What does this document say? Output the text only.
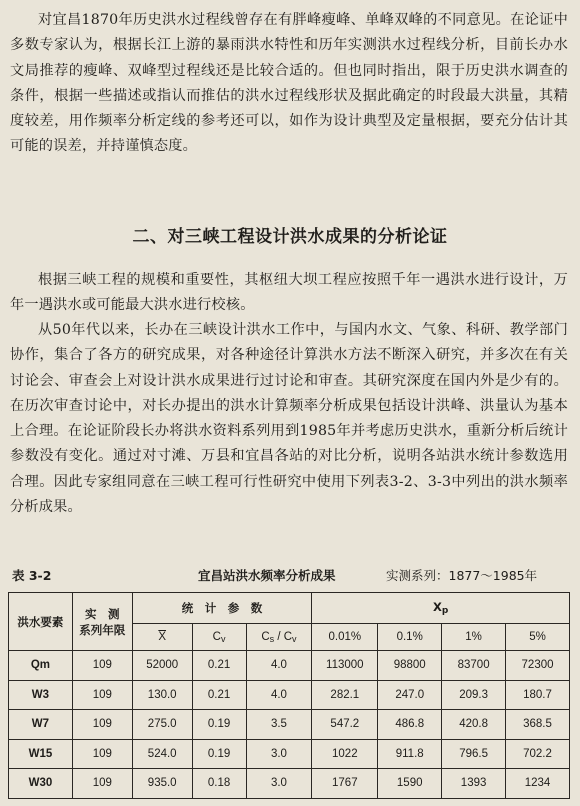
对宜昌1870年历史洪水过程线曾存在有胖峰瘦峰、单峰双峰的不同意见。在论证中多数专家认为，根据长江上游的暴雨洪水特性和历年实测洪水过程线分析，目前长办水文局推荐的瘦峰、双峰型过程线还是比较合适的。但也同时指出，限于历史洪水调查的条件，根据一些描述或指认而推估的洪水过程线形状及据此确定的时段最大洪量，其精度较差，用作频率分析定线的参考还可以，如作为设计典型及定量根据，要充分估计其可能的误差，并持谨慎态度。

二、对三峡工程设计洪水成果的分析论证

根据三峡工程的规模和重要性，其枢纽大坝工程应按照千年一遇洪水进行设计，万年一遇洪水或可能最大洪水进行校核。

从50年代以来，长办在三峡设计洪水工作中，与国内水文、气象、科研、教学部门协作，集合了各方的研究成果，对各种途径计算洪水方法不断深入研究，并多次在有关讨论会、审查会上对设计洪水成果进行过讨论和审查。其研究深度在国内外是少有的。在历次审查讨论中，对长办提出的洪水计算频率分析成果包括设计洪峰、洪量认为基本上合理。在论证阶段长办将洪水资料系列用到1985年并考虑历史洪水，重新分析后统计参数没有变化。通过对寸滩、万县和宜昌各站的对比分析，说明各站洪水统计参数选用合理。因此专家组同意在三峡工程可行性研究中使用下列表3-2、3-3中列出的洪水频率分析成果。

表 3-2	宜昌站洪水频率分析成果	实测系列：1877～1985年
洪水要素	实　测
系列年限	统　计　参　数			$X_p$
		$\overline{X}$	$C_v$	$C_s / C_v$	0.01%	0.1%	1%	5%
Qm	109	52000	0.21	4.0	113000	98800	83700	72300
W3	109	130.0	0.21	4.0	282.1	247.0	209.3	180.7
W7	109	275.0	0.19	3.5	547.2	486.8	420.8	368.5
W15	109	524.0	0.19	3.0	1022	911.8	796.5	702.2
W30	109	935.0	0.18	3.0	1767	1590	1393	1234
